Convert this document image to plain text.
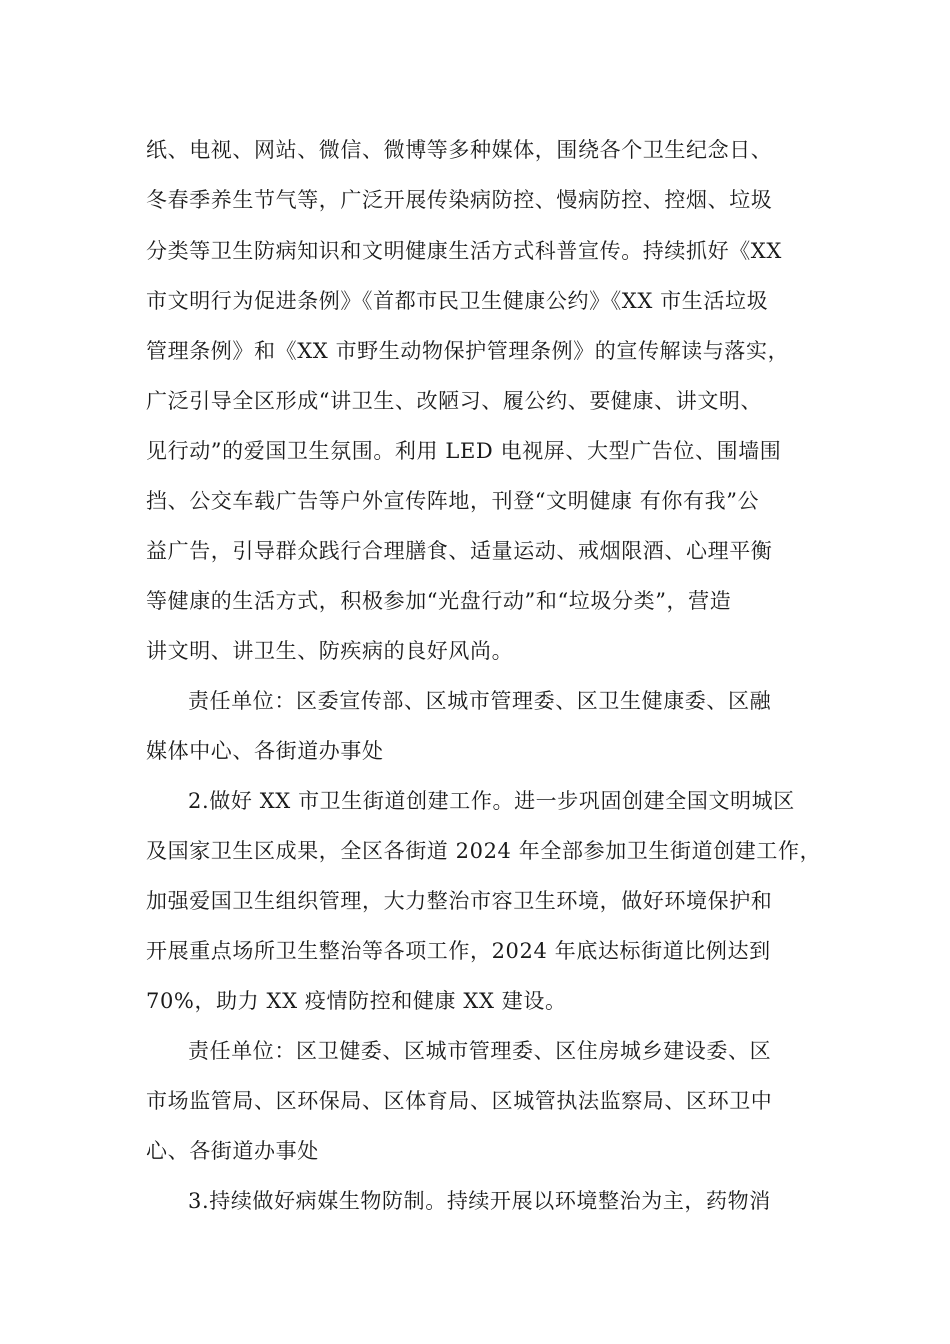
纸、电视、网站、微信、微博等多种媒体，围绕各个卫生纪念日、
冬春季养生节气等，广泛开展传染病防控、慢病防控、控烟、垃圾
分类等卫生防病知识和文明健康生活方式科普宣传。持续抓好《XX
市文明行为促进条例》《首都市民卫生健康公约》《XX 市生活垃圾
管理条例》和《XX 市野生动物保护管理条例》的宣传解读与落实，
广泛引导全区形成“讲卫生、改陋习、履公约、要健康、讲文明、
见行动”的爱国卫生氛围。利用 LED 电视屏、大型广告位、围墙围
挡、公交车载广告等户外宣传阵地，刊登“文明健康 有你有我”公
益广告，引导群众践行合理膳食、适量运动、戒烟限酒、心理平衡
等健康的生活方式，积极参加“光盘行动”和“垃圾分类”，营造
讲文明、讲卫生、防疾病的良好风尚。
责任单位：区委宣传部、区城市管理委、区卫生健康委、区融
媒体中心、各街道办事处
2.做好 XX 市卫生街道创建工作。进一步巩固创建全国文明城区
及国家卫生区成果，全区各街道 2024 年全部参加卫生街道创建工作，
加强爱国卫生组织管理，大力整治市容卫生环境，做好环境保护和
开展重点场所卫生整治等各项工作，2024 年底达标街道比例达到
70%，助力 XX 疫情防控和健康 XX 建设。
责任单位：区卫健委、区城市管理委、区住房城乡建设委、区
市场监管局、区环保局、区体育局、区城管执法监察局、区环卫中
心、各街道办事处
3.持续做好病媒生物防制。持续开展以环境整治为主，药物消
